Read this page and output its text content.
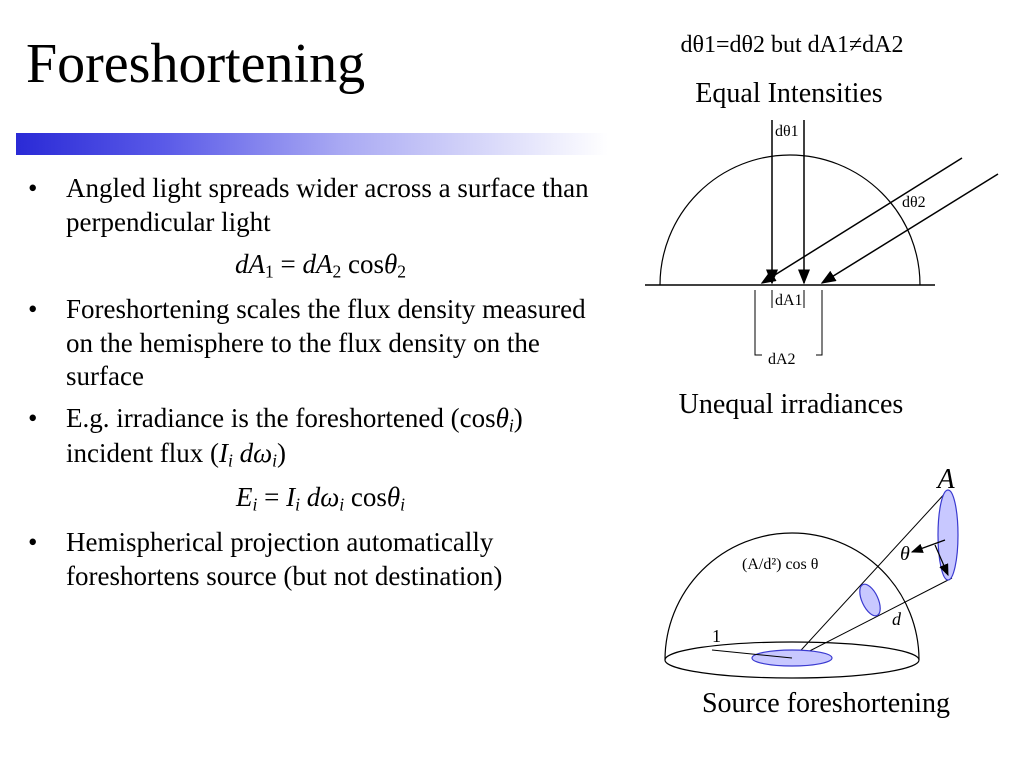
Foreshortening
• Angled light spreads wider across a surface than perpendicular light
$dA_1 = dA_2$ cosθ$_2$
• Foreshortening scales the flux density measured on the hemisphere to the flux density on the surface
• E.g. irradiance is the foreshortened (cosθ$_i$) incident flux ($I_i$ $d\omega_i$)
$E_i = I_i$ $d\omega_i$ cosθ$_i$
• Hemispherical projection automatically foreshortens source (but not destination)
dθ1=dθ2 but dA1≠dA2
Equal Intensities
dθ1
dθ2
dA1
dA2
Unequal irradiances
A
θ
(A/d²) cos θ
d
1
Source foreshortening
